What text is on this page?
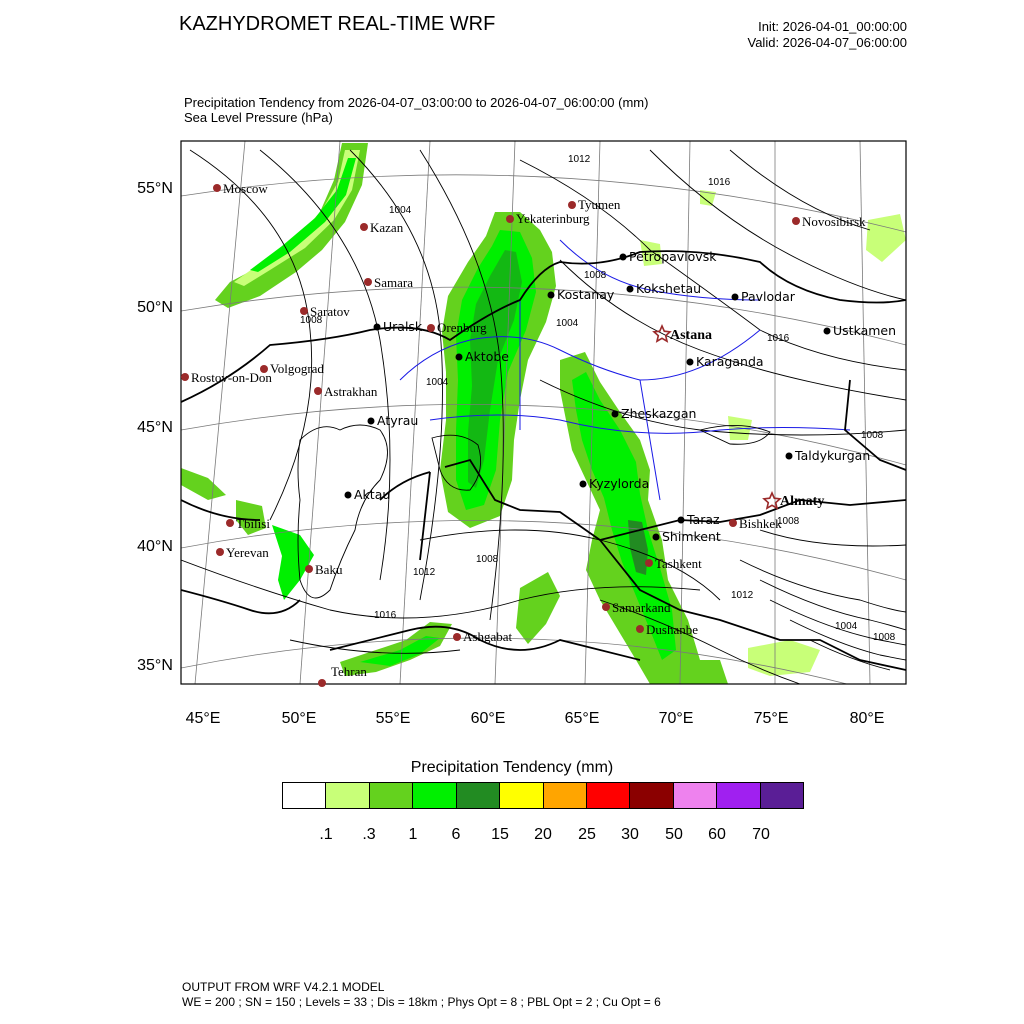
KAZHYDROMET REAL-TIME WRF	Init: 2026-04-01_00:00:00
Valid: 2026-04-07_06:00:00
Precipitation Tendency from 2026-04-07_03:00:00 to 2026-04-07_06:00:00 (mm)
Sea Level Pressure (hPa)
55°N
50°N
45°N
40°N
35°N
45°E	50°E	55°E	60°E	65°E	70°E	75°E	80°E
1012
1016
1004
1008
1008	1004
1004
1016
1008
1008
1012
1008
1016
1012
1004
1008
Moscow
Kazan
Samara
Saratov
Volgograd
Rostov-on-Don
Astrakhan
Orenburg
Yekaterinburg
Tyumen
Novosibirsk
Tbilisi
Yerevan
Baku
Ashgabat
Tehran
Samarkand
Dushanbe
Tashkent
Bishkek
Petropavlovsk
Kokshetau
Kostanay	Pavlodar
Uralsk
Aktobe	Karaganda
Ustkamen
Atyrau	Zheskazgan
Taldykurgan
Kyzylorda
Aktau
Taraz
Shimkent
Astana
Almaty
Precipitation Tendency (mm)
.1 .3 1 6 15 20 25 30 50 60 70
OUTPUT FROM WRF V4.2.1 MODEL
WE = 200 ; SN = 150 ; Levels = 33 ; Dis = 18km ; Phys Opt = 8 ; PBL Opt = 2 ; Cu Opt = 6
